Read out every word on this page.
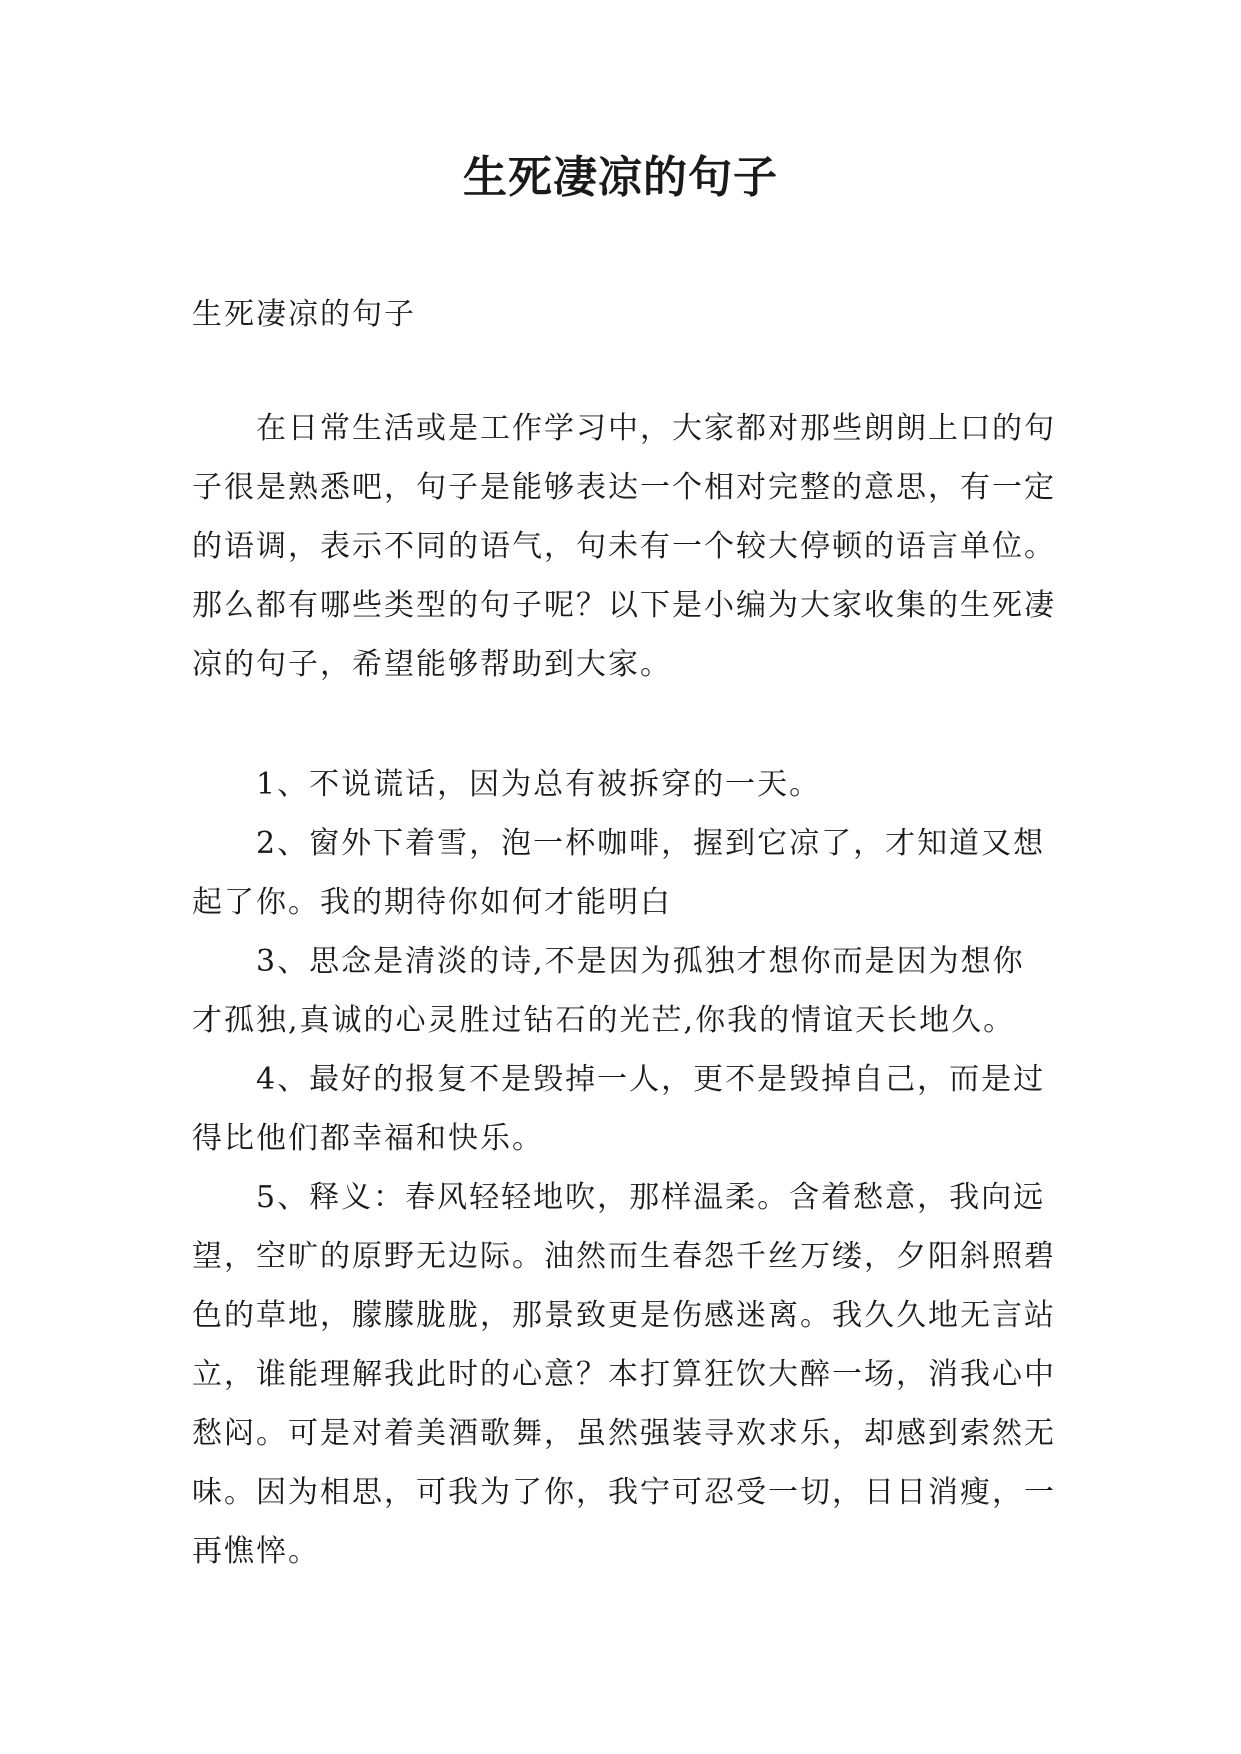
生死凄凉的句子

生死凄凉的句子

在日常生活或是工作学习中，大家都对那些朗朗上口的句子很是熟悉吧，句子是能够表达一个相对完整的意思，有一定的语调，表示不同的语气，句未有一个较大停顿的语言单位。那么都有哪些类型的句子呢？以下是小编为大家收集的生死凄凉的句子，希望能够帮助到大家。

1、不说谎话，因为总有被拆穿的一天。

2、窗外下着雪，泡一杯咖啡，握到它凉了，才知道又想起了你。我的期待你如何才能明白

3、思念是清淡的诗,不是因为孤独才想你而是因为想你才孤独,真诚的心灵胜过钻石的光芒,你我的情谊天长地久。

4、最好的报复不是毁掉一人，更不是毁掉自己，而是过得比他们都幸福和快乐。

5、释义：春风轻轻地吹，那样温柔。含着愁意，我向远望，空旷的原野无边际。油然而生春怨千丝万缕，夕阳斜照碧色的草地，朦朦胧胧，那景致更是伤感迷离。我久久地无言站立，谁能理解我此时的心意？本打算狂饮大醉一场，消我心中愁闷。可是对着美酒歌舞，虽然强装寻欢求乐，却感到索然无味。因为相思，可我为了你，我宁可忍受一切，日日消瘦，一再憔悴。
